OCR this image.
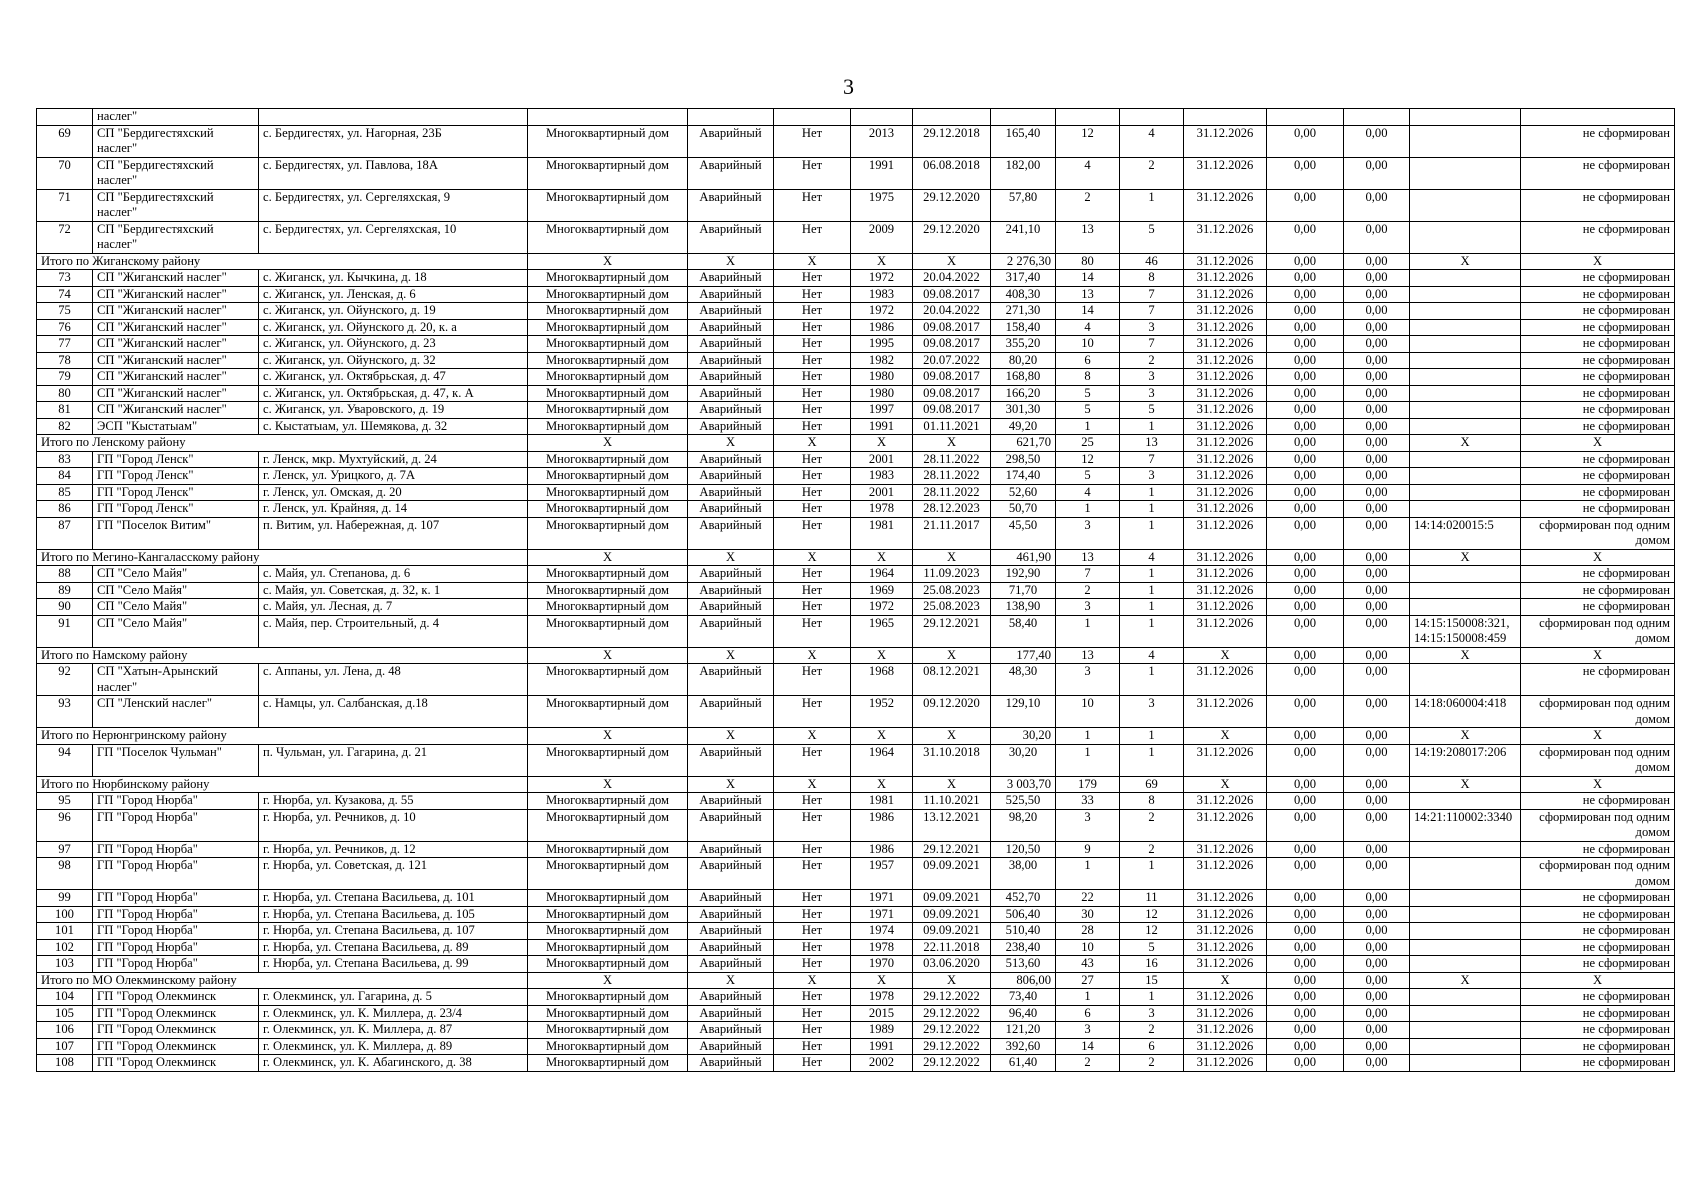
3
	наслег"														
69	СП "Бердигестяхский наслег"	с. Бердигестях, ул. Нагорная, 23Б	Многоквартирный дом	Аварийный	Нет	2013	29.12.2018	165,40	12	4	31.12.2026	0,00	0,00		не сформирован
70	СП "Бердигестяхский наслег"	с. Бердигестях, ул. Павлова, 18А	Многоквартирный дом	Аварийный	Нет	1991	06.08.2018	182,00	4	2	31.12.2026	0,00	0,00		не сформирован
71	СП "Бердигестяхский наслег"	с. Бердигестях, ул. Сергеляхская, 9	Многоквартирный дом	Аварийный	Нет	1975	29.12.2020	57,80	2	1	31.12.2026	0,00	0,00		не сформирован
72	СП "Бердигестяхский наслег"	с. Бердигестях, ул. Сергеляхская, 10	Многоквартирный дом	Аварийный	Нет	2009	29.12.2020	241,10	13	5	31.12.2026	0,00	0,00		не сформирован
Итого по Жиганскому району			X	X	X	X	X	2 276,30	80	46	31.12.2026	0,00	0,00	X	X
73	СП "Жиганский наслег"	с. Жиганск, ул. Кычкина, д. 18	Многоквартирный дом	Аварийный	Нет	1972	20.04.2022	317,40	14	8	31.12.2026	0,00	0,00		не сформирован
74	СП "Жиганский наслег"	с. Жиганск, ул. Ленская, д. 6	Многоквартирный дом	Аварийный	Нет	1983	09.08.2017	408,30	13	7	31.12.2026	0,00	0,00		не сформирован
75	СП "Жиганский наслег"	с. Жиганск, ул. Ойунского, д. 19	Многоквартирный дом	Аварийный	Нет	1972	20.04.2022	271,30	14	7	31.12.2026	0,00	0,00		не сформирован
76	СП "Жиганский наслег"	с. Жиганск, ул. Ойунского д. 20, к. а	Многоквартирный дом	Аварийный	Нет	1986	09.08.2017	158,40	4	3	31.12.2026	0,00	0,00		не сформирован
77	СП "Жиганский наслег"	с. Жиганск, ул. Ойунского, д. 23	Многоквартирный дом	Аварийный	Нет	1995	09.08.2017	355,20	10	7	31.12.2026	0,00	0,00		не сформирован
78	СП "Жиганский наслег"	с. Жиганск, ул. Ойунского, д. 32	Многоквартирный дом	Аварийный	Нет	1982	20.07.2022	80,20	6	2	31.12.2026	0,00	0,00		не сформирован
79	СП "Жиганский наслег"	с. Жиганск, ул. Октябрьская, д. 47	Многоквартирный дом	Аварийный	Нет	1980	09.08.2017	168,80	8	3	31.12.2026	0,00	0,00		не сформирован
80	СП "Жиганский наслег"	с. Жиганск, ул. Октябрьская, д. 47, к. А	Многоквартирный дом	Аварийный	Нет	1980	09.08.2017	166,20	5	3	31.12.2026	0,00	0,00		не сформирован
81	СП "Жиганский наслег"	с. Жиганск, ул. Уваровского, д. 19	Многоквартирный дом	Аварийный	Нет	1997	09.08.2017	301,30	5	5	31.12.2026	0,00	0,00		не сформирован
82	ЭСП "Кыстатыам"	с. Кыстатыам, ул. Шемякова, д. 32	Многоквартирный дом	Аварийный	Нет	1991	01.11.2021	49,20	1	1	31.12.2026	0,00	0,00		не сформирован
Итого по Ленскому району			X	X	X	X	X	621,70	25	13	31.12.2026	0,00	0,00	X	X
83	ГП "Город Ленск"	г. Ленск, мкр. Мухтуйский, д. 24	Многоквартирный дом	Аварийный	Нет	2001	28.11.2022	298,50	12	7	31.12.2026	0,00	0,00		не сформирован
84	ГП "Город Ленск"	г. Ленск, ул. Урицкого, д. 7А	Многоквартирный дом	Аварийный	Нет	1983	28.11.2022	174,40	5	3	31.12.2026	0,00	0,00		не сформирован
85	ГП "Город Ленск"	г. Ленск, ул. Омская, д. 20	Многоквартирный дом	Аварийный	Нет	2001	28.11.2022	52,60	4	1	31.12.2026	0,00	0,00		не сформирован
86	ГП "Город Ленск"	г. Ленск, ул. Крайняя, д. 14	Многоквартирный дом	Аварийный	Нет	1978	28.12.2023	50,70	1	1	31.12.2026	0,00	0,00		не сформирован
87	ГП "Поселок Витим"	п. Витим, ул. Набережная, д. 107	Многоквартирный дом	Аварийный	Нет	1981	21.11.2017	45,50	3	1	31.12.2026	0,00	0,00	14:14:020015:5	сформирован под одним домом
Итого по Мегино-Кангаласскому району			X	X	X	X	X	461,90	13	4	31.12.2026	0,00	0,00	X	X
88	СП "Село Майя"	с. Майя, ул. Степанова, д. 6	Многоквартирный дом	Аварийный	Нет	1964	11.09.2023	192,90	7	1	31.12.2026	0,00	0,00		не сформирован
89	СП "Село Майя"	с. Майя, ул. Советская, д. 32, к. 1	Многоквартирный дом	Аварийный	Нет	1969	25.08.2023	71,70	2	1	31.12.2026	0,00	0,00		не сформирован
90	СП "Село Майя"	с. Майя, ул. Лесная, д. 7	Многоквартирный дом	Аварийный	Нет	1972	25.08.2023	138,90	3	1	31.12.2026	0,00	0,00		не сформирован
91	СП "Село Майя"	с. Майя, пер. Строительный, д. 4	Многоквартирный дом	Аварийный	Нет	1965	29.12.2021	58,40	1	1	31.12.2026	0,00	0,00	14:15:150008:321, 14:15:150008:459	сформирован под одним домом
Итого по Намскому району			X	X	X	X	X	177,40	13	4	X	0,00	0,00	X	X
92	СП "Хатын-Арынский наслег"	с. Аппаны, ул. Лена, д. 48	Многоквартирный дом	Аварийный	Нет	1968	08.12.2021	48,30	3	1	31.12.2026	0,00	0,00		не сформирован
93	СП "Ленский наслег"	с. Намцы, ул. Салбанская, д.18	Многоквартирный дом	Аварийный	Нет	1952	09.12.2020	129,10	10	3	31.12.2026	0,00	0,00	14:18:060004:418	сформирован под одним домом
Итого по Нерюнгринскому району			X	X	X	X	X	30,20	1	1	X	0,00	0,00	X	X
94	ГП "Поселок Чульман"	п. Чульман, ул. Гагарина, д. 21	Многоквартирный дом	Аварийный	Нет	1964	31.10.2018	30,20	1	1	31.12.2026	0,00	0,00	14:19:208017:206	сформирован под одним домом
Итого по Нюрбинскому району			X	X	X	X	X	3 003,70	179	69	X	0,00	0,00	X	X
95	ГП "Город Нюрба"	г. Нюрба, ул. Кузакова, д. 55	Многоквартирный дом	Аварийный	Нет	1981	11.10.2021	525,50	33	8	31.12.2026	0,00	0,00		не сформирован
96	ГП "Город Нюрба"	г. Нюрба, ул. Речников, д. 10	Многоквартирный дом	Аварийный	Нет	1986	13.12.2021	98,20	3	2	31.12.2026	0,00	0,00	14:21:110002:3340	сформирован под одним домом
97	ГП "Город Нюрба"	г. Нюрба, ул. Речников, д. 12	Многоквартирный дом	Аварийный	Нет	1986	29.12.2021	120,50	9	2	31.12.2026	0,00	0,00		не сформирован
98	ГП "Город Нюрба"	г. Нюрба, ул. Советская, д. 121	Многоквартирный дом	Аварийный	Нет	1957	09.09.2021	38,00	1	1	31.12.2026	0,00	0,00		сформирован под одним домом
99	ГП "Город Нюрба"	г. Нюрба, ул. Степана Васильева, д. 101	Многоквартирный дом	Аварийный	Нет	1971	09.09.2021	452,70	22	11	31.12.2026	0,00	0,00		не сформирован
100	ГП "Город Нюрба"	г. Нюрба, ул. Степана Васильева, д. 105	Многоквартирный дом	Аварийный	Нет	1971	09.09.2021	506,40	30	12	31.12.2026	0,00	0,00		не сформирован
101	ГП "Город Нюрба"	г. Нюрба, ул. Степана Васильева, д. 107	Многоквартирный дом	Аварийный	Нет	1974	09.09.2021	510,40	28	12	31.12.2026	0,00	0,00		не сформирован
102	ГП "Город Нюрба"	г. Нюрба, ул. Степана Васильева, д. 89	Многоквартирный дом	Аварийный	Нет	1978	22.11.2018	238,40	10	5	31.12.2026	0,00	0,00		не сформирован
103	ГП "Город Нюрба"	г. Нюрба, ул. Степана Васильева, д. 99	Многоквартирный дом	Аварийный	Нет	1970	03.06.2020	513,60	43	16	31.12.2026	0,00	0,00		не сформирован
Итого по МО Олекминскому району			X	X	X	X	X	806,00	27	15	X	0,00	0,00	X	X
104	ГП "Город Олекминск	г. Олекминск, ул. Гагарина, д. 5	Многоквартирный дом	Аварийный	Нет	1978	29.12.2022	73,40	1	1	31.12.2026	0,00	0,00		не сформирован
105	ГП "Город Олекминск	г. Олекминск, ул. К. Миллера, д. 23/4	Многоквартирный дом	Аварийный	Нет	2015	29.12.2022	96,40	6	3	31.12.2026	0,00	0,00		не сформирован
106	ГП "Город Олекминск	г. Олекминск, ул. К. Миллера, д. 87	Многоквартирный дом	Аварийный	Нет	1989	29.12.2022	121,20	3	2	31.12.2026	0,00	0,00		не сформирован
107	ГП "Город Олекминск	г. Олекминск, ул. К. Миллера, д. 89	Многоквартирный дом	Аварийный	Нет	1991	29.12.2022	392,60	14	6	31.12.2026	0,00	0,00		не сформирован
108	ГП "Город Олекминск	г. Олекминск, ул. К. Абагинского, д. 38	Многоквартирный дом	Аварийный	Нет	2002	29.12.2022	61,40	2	2	31.12.2026	0,00	0,00		не сформирован
